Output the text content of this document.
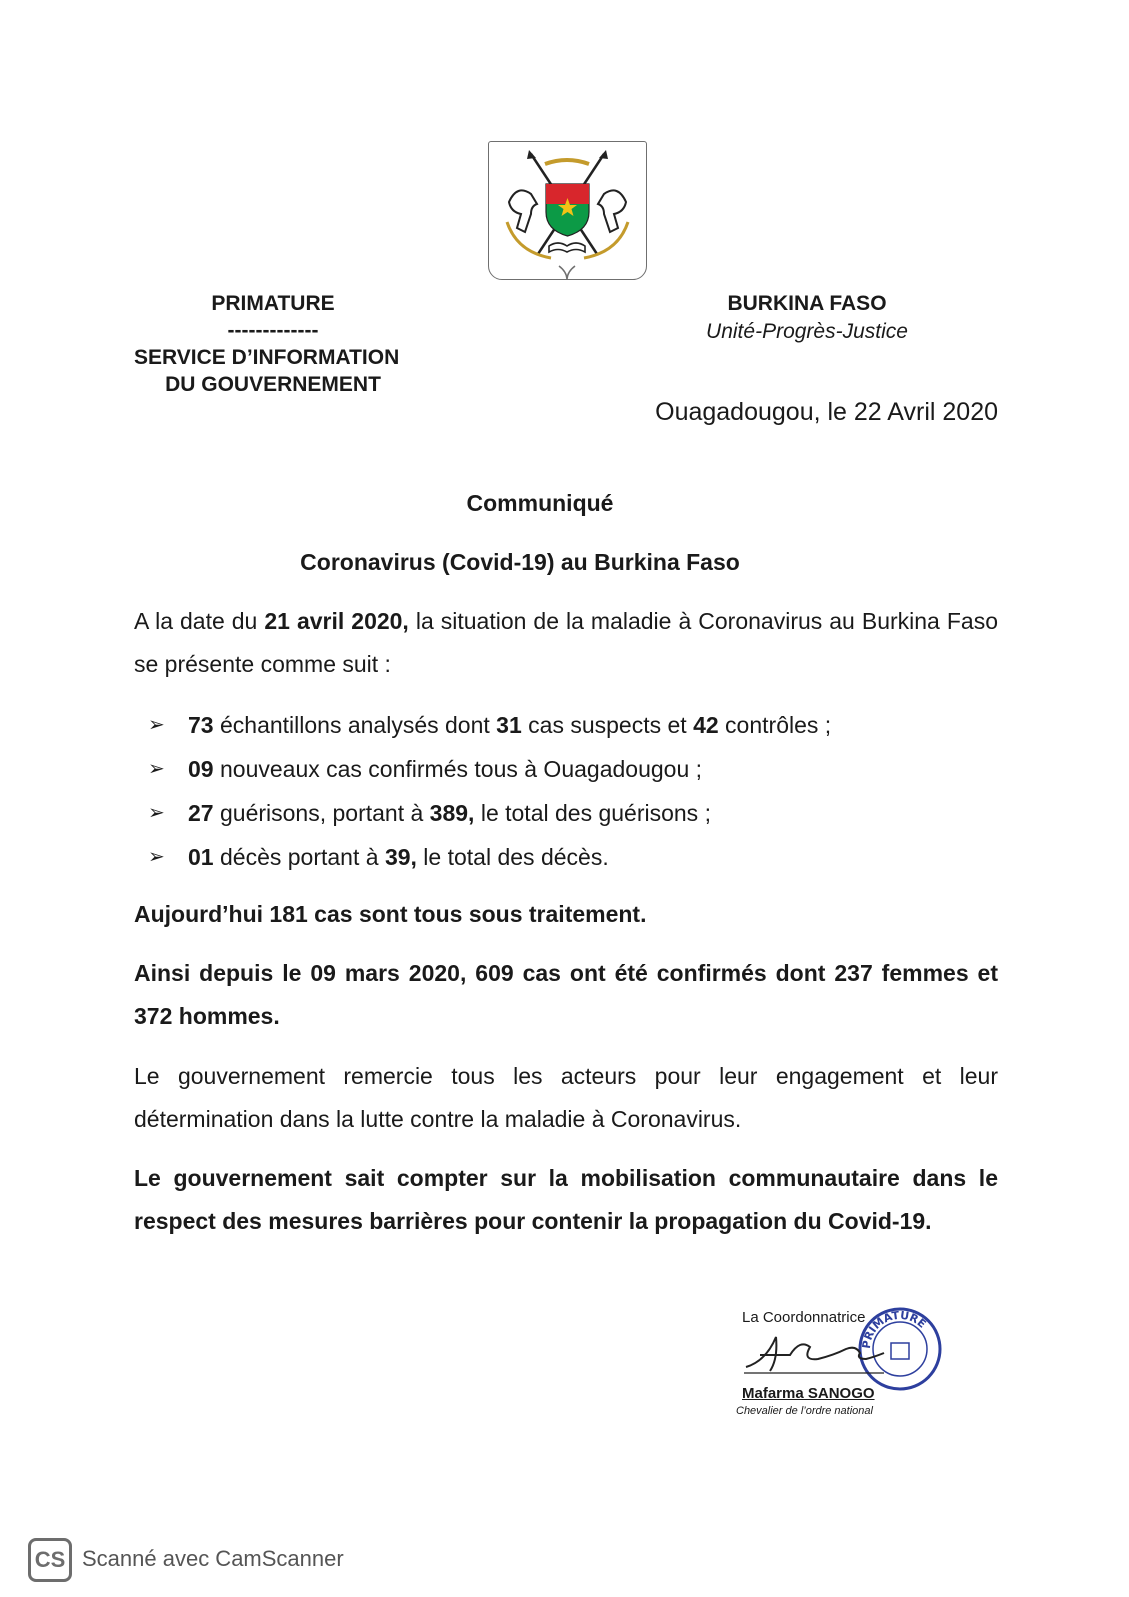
PRIMATURE
-------------
SERVICE D’INFORMATION
DU GOUVERNEMENT
BURKINA FASO
Unité-Progrès-Justice
Ouagadougou, le 22 Avril 2020
Communiqué
Coronavirus (Covid-19) au Burkina Faso
A la date du 21 avril 2020, la situation de la maladie à Coronavirus au Burkina Faso se présente comme suit :
➢ 73 échantillons analysés dont 31 cas suspects et 42 contrôles ;
➢ 09 nouveaux cas confirmés tous à Ouagadougou ;
➢ 27 guérisons, portant à 389, le total des guérisons ;
➢ 01 décès portant à 39, le total des décès.
Aujourd’hui 181 cas sont tous sous traitement.
Ainsi depuis le 09 mars 2020, 609 cas ont été confirmés dont 237 femmes et 372 hommes.
Le gouvernement remercie tous les acteurs pour leur engagement et leur détermination dans la lutte contre la maladie à Coronavirus.
Le gouvernement sait compter sur la mobilisation communautaire dans le respect des mesures barrières pour contenir la propagation du Covid-19.
PRIMATURE
La Coordonnatrice
Mafarma SANOGO
Chevalier de l’ordre national
CS Scanné avec CamScanner
